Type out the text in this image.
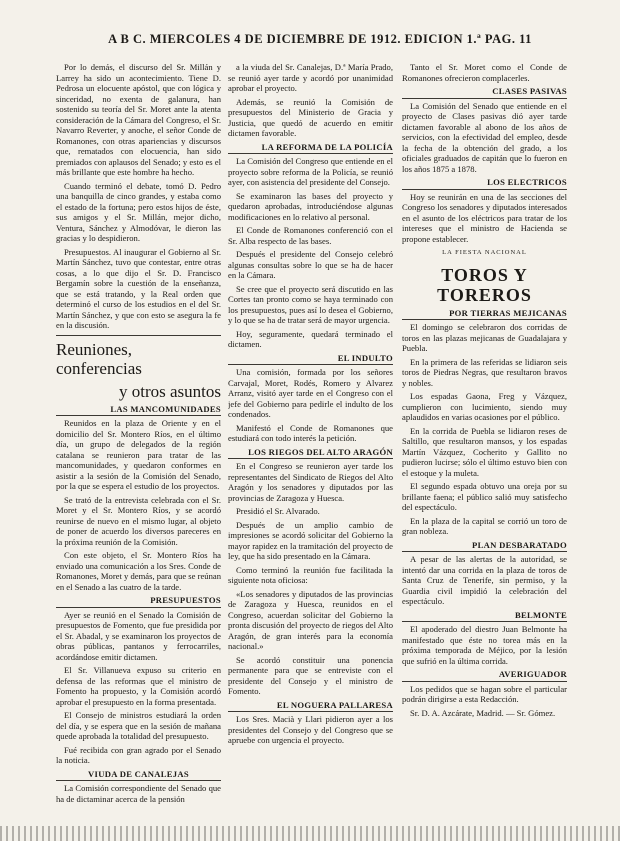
A B C. MIERCOLES 4 DE DICIEMBRE DE 1912. EDICION 1.ª PAG. 11

Por lo demás, el discurso del Sr. Millán y Larrey ha sido un acontecimiento. Tiene D. Pedrosa un elocuente apóstol, que con lógica y sinceridad, no exenta de galanura, han sostenido su teoría del Sr. Moret ante la atenta consideración de la Cámara del Congreso, el Sr. Navarro Reverter, y anoche, el señor Conde de Romanones, con otras apariencias y discursos que, rematados con elocuencia, han sido premiados con aplausos del Senado; y esto es el más brillante que este hombre ha hecho.

Cuando terminó el debate, tomó D. Pedro una banquilla de cinco grandes, y estaba como el estado de la fortuna; pero estos hijos de éste, sus amigos y el Sr. Millán, mejor dicho, Ventura, Sánchez y Almodóvar, le dieron las gracias y lo despidieron.

Presupuestos. Al inaugurar el Gobierno al Sr. Martín Sánchez, tuvo que contestar, entre otras cosas, a lo que dijo el Sr. D. Francisco Bergamín sobre la cuestión de la enseñanza, que se está tratando, y la Real orden que determinó el curso de los estudios en el del Sr. Martín Sánchez, y que con esto se asegura la fe en la discusión.

Reuniones, conferencias
y otros asuntos
LAS MANCOMUNIDADES

Reunidos en la plaza de Oriente y en el domicilio del Sr. Montero Ríos, en el último día, un grupo de delegados de la región catalana se reunieron para tratar de las mancomunidades, y quedaron conformes en asistir a la sesión de la Comisión del Senado, por la que se espera el estudio de los proyectos.

Se trató de la entrevista celebrada con el Sr. Moret y el Sr. Montero Ríos, y se acordó reunirse de nuevo en el mismo lugar, al objeto de poner de acuerdo los diversos pareceres en la próxima reunión de la Comisión.

Con este objeto, el Sr. Montero Ríos ha enviado una comunicación a los Sres. Conde de Romanones, Moret y demás, para que se reúnan en el Senado a las cuatro de la tarde.

PRESUPUESTOS

Ayer se reunió en el Senado la Comisión de presupuestos de Fomento, que fue presidida por el Sr. Abadal, y se examinaron los proyectos de obras públicas, pantanos y ferrocarriles, acordándose emitir dictamen.

El Sr. Villanueva expuso su criterio en defensa de las reformas que el ministro de Fomento ha propuesto, y la Comisión acordó aprobar el presupuesto en la forma presentada.

El Consejo de ministros estudiará la orden del día, y se espera que en la sesión de mañana quede aprobada la totalidad del presupuesto.

Fué recibida con gran agrado por el Senado la noticia.

VIUDA DE CANALEJAS

La Comisión correspondiente del Senado que ha de dictaminar acerca de la pensión

a la viuda del Sr. Canalejas, D.ª María Prado, se reunió ayer tarde y acordó por unanimidad aprobar el proyecto.

Además, se reunió la Comisión de presupuestos del Ministerio de Gracia y Justicia, que quedó de acuerdo en emitir dictamen favorable.

LA REFORMA DE LA POLICÍA

La Comisión del Congreso que entiende en el proyecto sobre reforma de la Policía, se reunió ayer, con asistencia del presidente del Consejo.

Se examinaron las bases del proyecto y quedaron aprobadas, introduciéndose algunas modificaciones en lo relativo al personal.

El Conde de Romanones conferenció con el Sr. Alba respecto de las bases.

Después el presidente del Consejo celebró algunas consultas sobre lo que se ha de hacer en la Cámara.

Se cree que el proyecto será discutido en las Cortes tan pronto como se haya terminado con los presupuestos, pues así lo desea el Gobierno, y lo que se ha de tratar será de mayor urgencia.

Hoy, seguramente, quedará terminado el dictamen.

EL INDULTO

Una comisión, formada por los señores Carvajal, Moret, Rodés, Romero y Alvarez Arranz, visitó ayer tarde en el Congreso con el jefe del Gobierno para pedirle el indulto de los condenados.

Manifestó el Conde de Romanones que estudiará con todo interés la petición.

LOS RIEGOS DEL ALTO ARAGÓN

En el Congreso se reunieron ayer tarde los representantes del Sindicato de Riegos del Alto Aragón y los senadores y diputados por las provincias de Zaragoza y Huesca.

Presidió el Sr. Alvarado.

Después de un amplio cambio de impresiones se acordó solicitar del Gobierno la mayor rapidez en la tramitación del proyecto de ley, que ha sido presentado en la Cámara.

Como terminó la reunión fue facilitada la siguiente nota oficiosa:

«Los senadores y diputados de las provincias de Zaragoza y Huesca, reunidos en el Congreso, acuerdan solicitar del Gobierno la pronta discusión del proyecto de riegos del Alto Aragón, de gran interés para la economía nacional.»

Se acordó constituir una ponencia permanente para que se entreviste con el presidente del Consejo y el ministro de Fomento.

EL NOGUERA PALLARESA

Los Sres. Macià y Llari pidieron ayer a los presidentes del Consejo y del Congreso que se apruebe con urgencia el proyecto.

Tanto el Sr. Moret como el Conde de Romanones ofrecieron complacerles.

CLASES PASIVAS

La Comisión del Senado que entiende en el proyecto de Clases pasivas dió ayer tarde dictamen favorable al abono de los años de servicios, con la efectividad del empleo, desde la fecha de la obtención del grado, a los oficiales graduados de capitán que lo fueron en los años 1875 a 1878.

LOS ELECTRICOS

Hoy se reunirán en una de las secciones del Congreso los senadores y diputados interesados en el asunto de los eléctricos para tratar de los intereses que el ministro de Hacienda se propone establecer.

LA FIESTA NACIONAL
TOROS Y TOREROS
POR TIERRAS MEJICANAS

El domingo se celebraron dos corridas de toros en las plazas mejicanas de Guadalajara y Puebla.

En la primera de las referidas se lidiaron seis toros de Piedras Negras, que resultaron bravos y nobles.

Los espadas Gaona, Freg y Vázquez, cumplieron con lucimiento, siendo muy aplaudidos en varias ocasiones por el público.

En la corrida de Puebla se lidiaron reses de Saltillo, que resultaron mansos, y los espadas Martín Vázquez, Cocherito y Gallito no pudieron lucirse; sólo el último estuvo bien con el estoque y la muleta.

El segundo espada obtuvo una oreja por su brillante faena; el público salió muy satisfecho del espectáculo.

En la plaza de la capital se corrió un toro de gran nobleza.

PLAN DESBARATADO

A pesar de las alertas de la autoridad, se intentó dar una corrida en la plaza de toros de Santa Cruz de Tenerife, sin permiso, y la Guardia civil impidió la celebración del espectáculo.

BELMONTE

El apoderado del diestro Juan Belmonte ha manifestado que éste no torea más en la próxima temporada de Méjico, por la lesión que sufrió en la última corrida.

AVERIGUADOR

Los pedidos que se hagan sobre el particular podrán dirigirse a esta Redacción.

Sr. D. A. Azcárate, Madrid. — Sr. Gómez.
